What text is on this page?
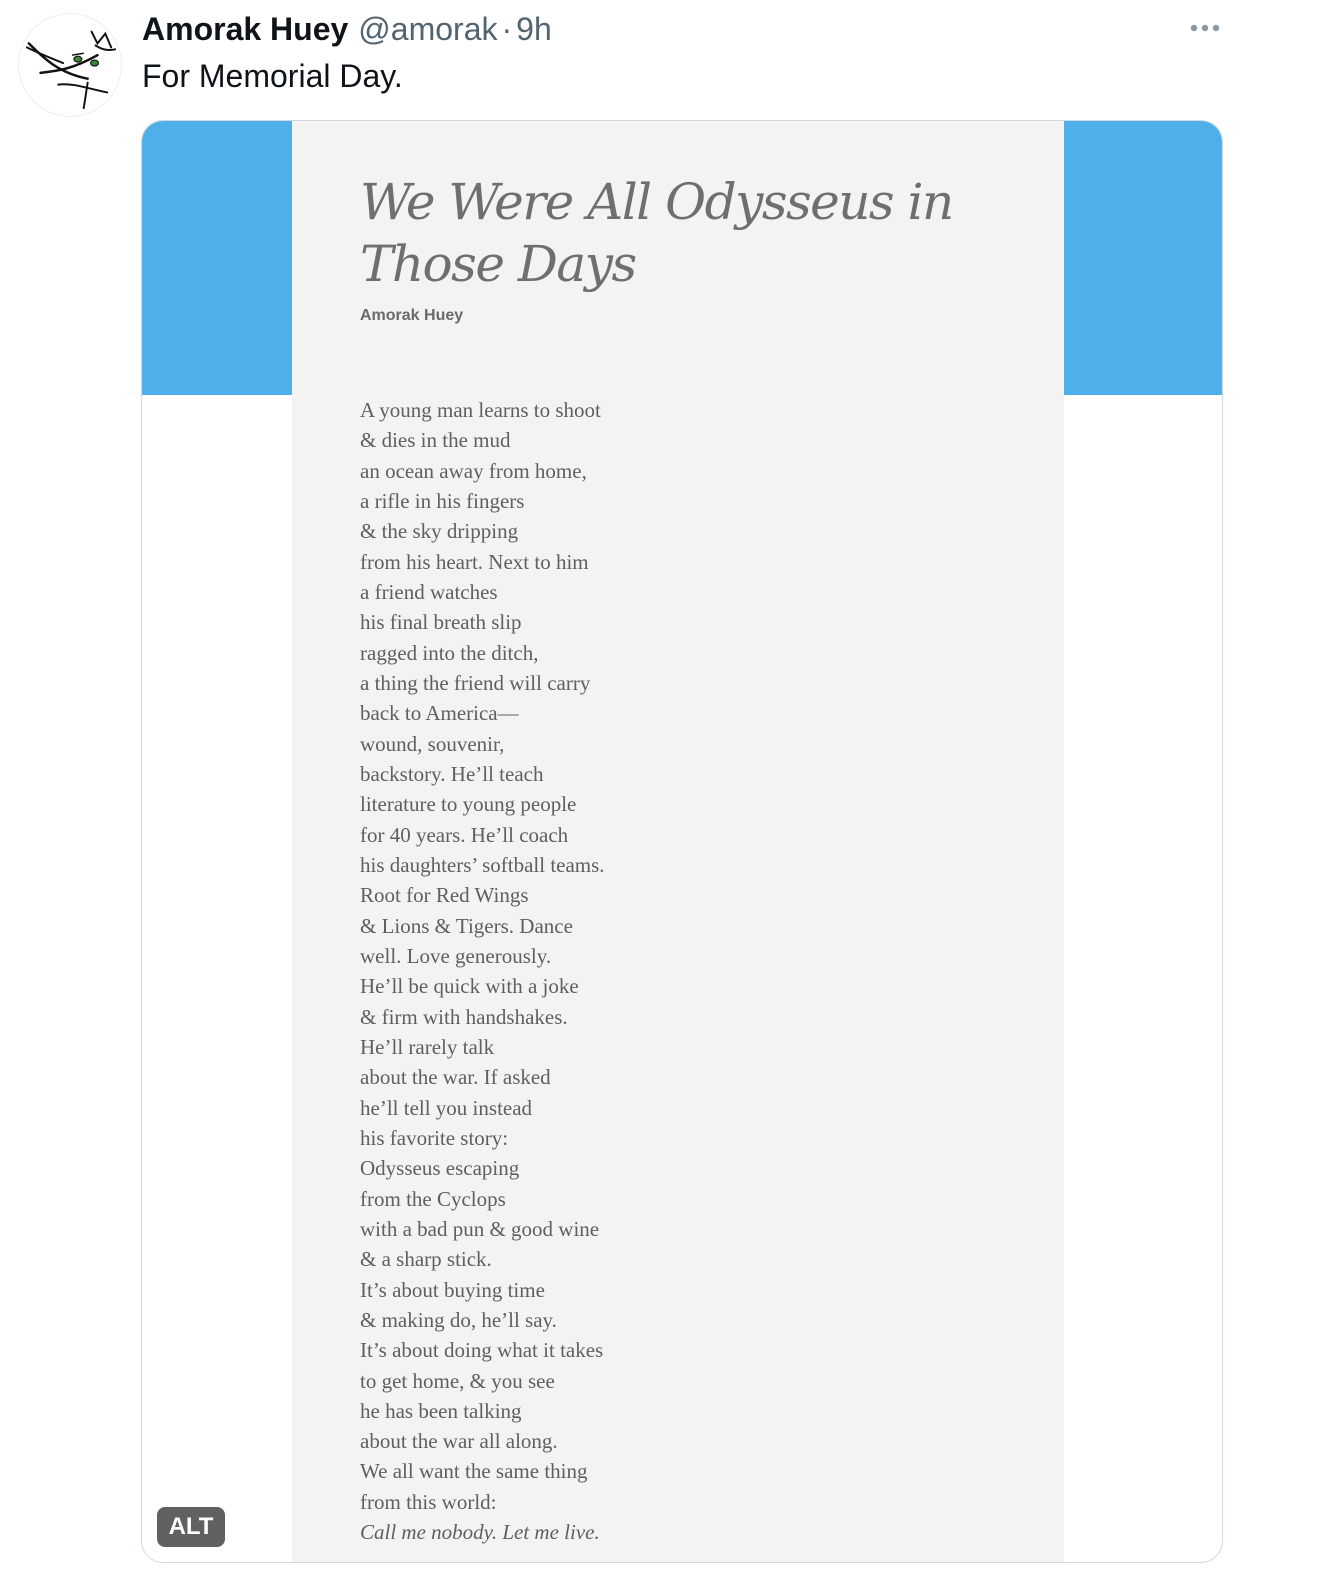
Amorak Huey @amorak · 9h
For Memorial Day.
We Were All Odysseus in Those Days
Amorak Huey
A young man learns to shoot
& dies in the mud
an ocean away from home,
a rifle in his fingers
& the sky dripping
from his heart. Next to him
a friend watches
his final breath slip
ragged into the ditch,
a thing the friend will carry
back to America—
wound, souvenir,
backstory. He’ll teach
literature to young people
for 40 years. He’ll coach
his daughters’ softball teams.
Root for Red Wings
& Lions & Tigers. Dance
well. Love generously.
He’ll be quick with a joke
& firm with handshakes.
He’ll rarely talk
about the war. If asked
he’ll tell you instead
his favorite story:
Odysseus escaping
from the Cyclops
with a bad pun & good wine
& a sharp stick.
It’s about buying time
& making do, he’ll say.
It’s about doing what it takes
to get home, & you see
he has been talking
about the war all along.
We all want the same thing
from this world:
Call me nobody. Let me live.
ALT
